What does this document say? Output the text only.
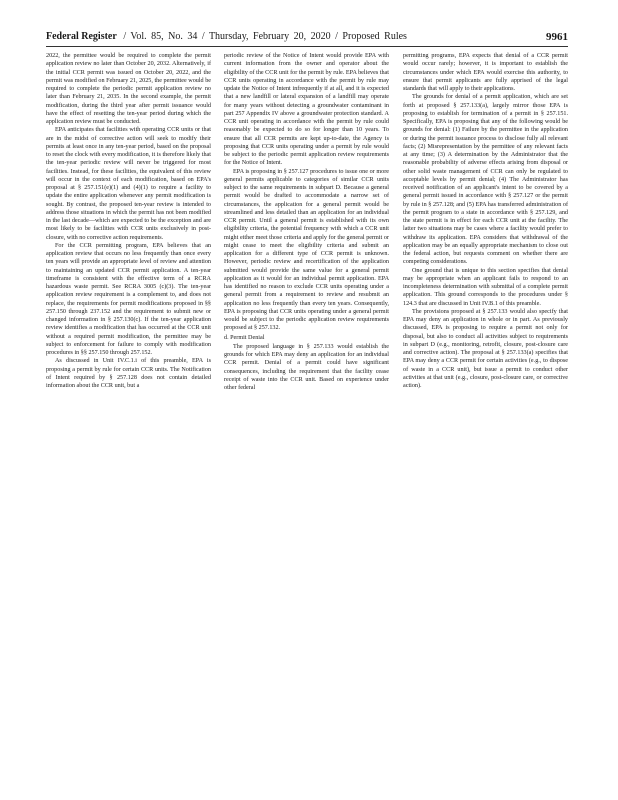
Federal Register / Vol. 85, No. 34 / Thursday, February 20, 2020 / Proposed Rules	9961

2022, the permittee would be required to complete the permit application review no later than October 20, 2032. Alternatively, if the initial CCR permit was issued on October 20, 2022, and the permit was modified on February 21, 2025, the permittee would be required to complete the periodic permit application review no later than February 21, 2035. In the second example, the permit modification, during the third year after permit issuance would have the effect of resetting the ten-year period during which the application review must be conducted.

EPA anticipates that facilities with operating CCR units or that are in the midst of corrective action will seek to modify their permits at least once in any ten-year period, based on the proposal to reset the clock with every modification, it is therefore likely that the ten-year periodic review will never be triggered for most facilities. Instead, for these facilities, the equivalent of this review will occur in the context of each modification, based on EPA's proposal at § 257.151(e)(1) and (4)(1) to require a facility to update the entire application whenever any permit modification is sought. By contrast, the proposed ten-year review is intended to address those situations in which the permit has not been modified in the last decade—which are expected to be the exception and are most likely to be facilities with CCR units exclusively in post-closure, with no corrective action requirements.

For the CCR permitting program, EPA believes that an application review that occurs no less frequently than once every ten years will provide an appropriate level of review and attention to maintaining an updated CCR permit application. A ten-year timeframe is consistent with the effective term of a RCRA hazardous waste permit. See RCRA 3005 (c)(3). The ten-year application review requirement is a complement to, and does not replace, the requirements for permit modifications proposed in §§ 257.150 through 237.152 and the requirement to submit new or changed information in § 257.130(c). If the ten-year application review identifies a modification that has occurred at the CCR unit without a required permit modification, the permittee may be subject to enforcement for failure to comply with modification procedures in §§ 257.150 through 257.152.

As discussed in Unit IV.C.1.i of this preamble, EPA is proposing a permit by rule for certain CCR units. The Notification of Intent required by § 257.128 does not contain detailed information about the CCR unit, but a

periodic review of the Notice of Intent would provide EPA with current information from the owner and operator about the eligibility of the CCR unit for the permit by rule. EPA believes that CCR units operating in accordance with the permit by rule may update the Notice of Intent infrequently if at all, and it is expected that a new landfill or lateral expansion of a landfill may operate for many years without detecting a groundwater contaminant in part 257 Appendix IV above a groundwater protection standard. A CCR unit operating in accordance with the permit by rule could reasonably be expected to do so for longer than 10 years. To ensure that all CCR permits are kept up-to-date, the Agency is proposing that CCR units operating under a permit by rule would be subject to the periodic permit application review requirements for the Notice of Intent.

EPA is proposing in § 257.127 procedures to issue one or more general permits applicable to categories of similar CCR units subject to the same requirements in subpart D. Because a general permit would be drafted to accommodate a narrow set of circumstances, the application for a general permit would be streamlined and less detailed than an application for an individual CCR permit. Until a general permit is established with its own eligibility criteria, the potential frequency with which a CCR unit might either meet those criteria and apply for the general permit or might cease to meet the eligibility criteria and submit an application for a different type of CCR permit is unknown. However, periodic review and recertification of the application submitted would provide the same value for a general permit application as it would for an individual permit application. EPA has identified no reason to exclude CCR units operating under a general permit from a requirement to review and resubmit an application no less frequently than every ten years. Consequently, EPA is proposing that CCR units operating under a general permit would be subject to the periodic application review requirements proposed at § 257.132.

d. Permit Denial

The proposed language in § 257.133 would establish the grounds for which EPA may deny an application for an individual CCR permit. Denial of a permit could have significant consequences, including the requirement that the facility cease receipt of waste into the CCR unit. Based on experience under other federal

permitting programs, EPA expects that denial of a CCR permit would occur rarely; however, it is important to establish the circumstances under which EPA would exercise this authority, to ensure that permit applicants are fully apprised of the legal standards that will apply to their applications.

The grounds for denial of a permit application, which are set forth at proposed § 257.133(a), largely mirror those EPA is proposing to establish for termination of a permit in § 257.151. Specifically, EPA is proposing that any of the following would be grounds for denial: (1) Failure by the permittee in the application or during the permit issuance process to disclose fully all relevant facts; (2) Misrepresentation by the permittee of any relevant facts at any time; (3) A determination by the Administrator that the reasonable probability of adverse effects arising from disposal or other solid waste management of CCR can only be regulated to acceptable levels by permit denial; (4) The Administrator has received notification of an applicant's intent to be covered by a general permit issued in accordance with § 257.127 or the permit by rule in § 257.128; and (5) EPA has transferred administration of the permit program to a state in accordance with § 257.129, and the state permit is in effect for each CCR unit at the facility. The latter two situations may be cases where a facility would prefer to withdraw its application. EPA considers that withdrawal of the application may be an equally appropriate mechanism to close out the federal action, but requests comment on whether there are competing considerations.

One ground that is unique to this section specifies that denial may be appropriate when an applicant fails to respond to an incompleteness determination with submittal of a complete permit application. This ground corresponds to the procedures under § 124.3 that are discussed in Unit IV.B.1 of this preamble.

The provisions proposed at § 257.133 would also specify that EPA may deny an application in whole or in part. As previously discussed, EPA is proposing to require a permit not only for disposal, but also to conduct all activities subject to requirements in subpart D (e.g., monitoring, retrofit, closure, post-closure care and corrective action). The proposal at § 257.133(a) specifies that EPA may deny a CCR permit for certain activities (e.g., to dispose of waste in a CCR unit), but issue a permit to conduct other activities at that unit (e.g., closure, post-closure care, or corrective action).
